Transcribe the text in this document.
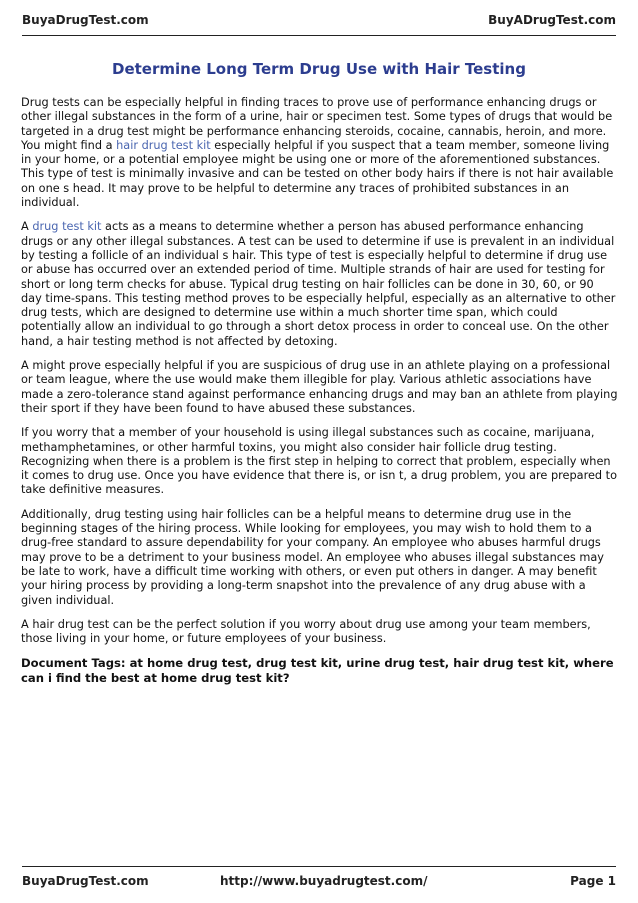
BuyaDrugTest.com	BuyADrugTest.com
Determine Long Term Drug Use with Hair Testing

Drug tests can be especially helpful in finding traces to prove use of performance enhancing drugs or other illegal substances in the form of a urine, hair or specimen test. Some types of drugs that would be targeted in a drug test might be performance enhancing steroids, cocaine, cannabis, heroin, and more. You might find a hair drug test kit especially helpful if you suspect that a team member, someone living in your home, or a potential employee might be using one or more of the aforementioned substances. This type of test is minimally invasive and can be tested on other body hairs if there is not hair available on one s head. It may prove to be helpful to determine any traces of prohibited substances in an individual.

A drug test kit acts as a means to determine whether a person has abused performance enhancing drugs or any other illegal substances. A test can be used to determine if use is prevalent in an individual by testing a follicle of an individual s hair. This type of test is especially helpful to determine if drug use or abuse has occurred over an extended period of time. Multiple strands of hair are used for testing for short or long term checks for abuse. Typical drug testing on hair follicles can be done in 30, 60, or 90 day time-spans. This testing method proves to be especially helpful, especially as an alternative to other drug tests, which are designed to determine use within a much shorter time span, which could potentially allow an individual to go through a short detox process in order to conceal use. On the other hand, a hair testing method is not affected by detoxing.

A might prove especially helpful if you are suspicious of drug use in an athlete playing on a professional or team league, where the use would make them illegible for play. Various athletic associations have made a zero-tolerance stand against performance enhancing drugs and may ban an athlete from playing their sport if they have been found to have abused these substances.

If you worry that a member of your household is using illegal substances such as cocaine, marijuana, methamphetamines, or other harmful toxins, you might also consider hair follicle drug testing. Recognizing when there is a problem is the first step in helping to correct that problem, especially when it comes to drug use. Once you have evidence that there is, or isn t, a drug problem, you are prepared to take definitive measures.

Additionally, drug testing using hair follicles can be a helpful means to determine drug use in the beginning stages of the hiring process. While looking for employees, you may wish to hold them to a drug-free standard to assure dependability for your company. An employee who abuses harmful drugs may prove to be a detriment to your business model. An employee who abuses illegal substances may be late to work, have a difficult time working with others, or even put others in danger. A may benefit your hiring process by providing a long-term snapshot into the prevalence of any drug abuse with a given individual.

A hair drug test can be the perfect solution if you worry about drug use among your team members, those living in your home, or future employees of your business.

Document Tags: at home drug test, drug test kit, urine drug test, hair drug test kit, where can i find the best at home drug test kit?

BuyaDrugTest.com	http://www.buyadrugtest.com/	Page 1
